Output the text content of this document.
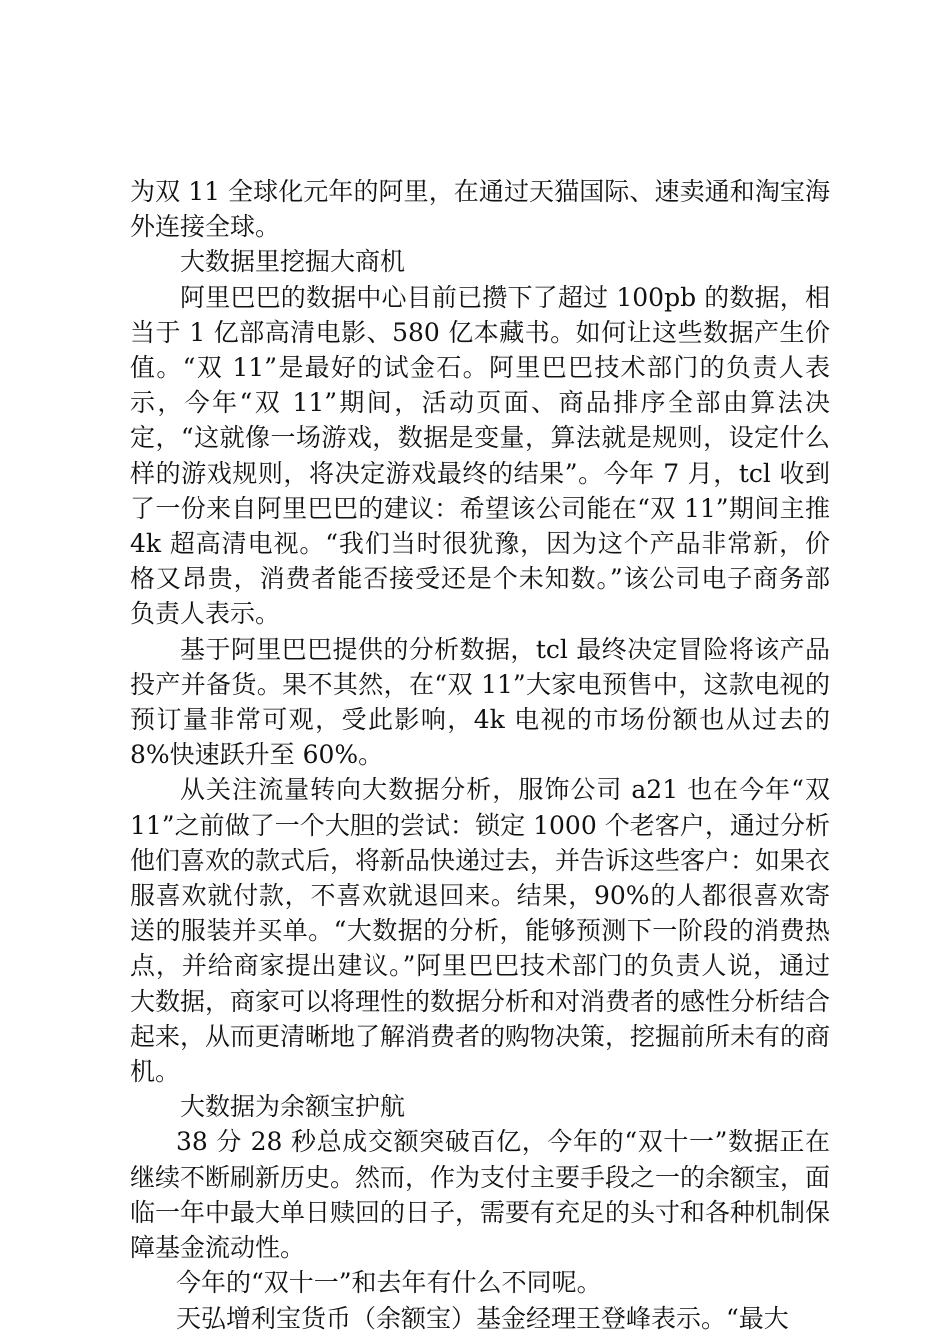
为双 11 全球化元年的阿里，在通过天猫国际、速卖通和淘宝海外连接全球。

大数据里挖掘大商机

阿里巴巴的数据中心目前已攒下了超过 100pb 的数据，相当于 1 亿部高清电影、580 亿本藏书。如何让这些数据产生价值。“双 11”是最好的试金石。阿里巴巴技术部门的负责人表示，今年“双 11”期间，活动页面、商品排序全部由算法决定，“这就像一场游戏，数据是变量，算法就是规则，设定什么样的游戏规则，将决定游戏最终的结果”。今年 7 月，tcl 收到了一份来自阿里巴巴的建议：希望该公司能在“双 11”期间主推 4k 超高清电视。“我们当时很犹豫，因为这个产品非常新，价格又昂贵，消费者能否接受还是个未知数。”该公司电子商务部负责人表示。

基于阿里巴巴提供的分析数据，tcl 最终决定冒险将该产品投产并备货。果不其然，在“双 11”大家电预售中，这款电视的预订量非常可观，受此影响，4k 电视的市场份额也从过去的 8%快速跃升至 60%。

从关注流量转向大数据分析，服饰公司 a21 也在今年“双 11”之前做了一个大胆的尝试：锁定 1000 个老客户，通过分析他们喜欢的款式后，将新品快递过去，并告诉这些客户：如果衣服喜欢就付款，不喜欢就退回来。结果，90%的人都很喜欢寄送的服装并买单。“大数据的分析，能够预测下一阶段的消费热点，并给商家提出建议。”阿里巴巴技术部门的负责人说，通过大数据，商家可以将理性的数据分析和对消费者的感性分析结合起来，从而更清晰地了解消费者的购物决策，挖掘前所未有的商机。

大数据为余额宝护航

38 分 28 秒总成交额突破百亿，今年的“双十一”数据正在继续不断刷新历史。然而，作为支付主要手段之一的余额宝，面临一年中最大单日赎回的日子，需要有充足的头寸和各种机制保障基金流动性。

今年的“双十一”和去年有什么不同呢。

天弘增利宝货币（余额宝）基金经理王登峰表示。“最大
